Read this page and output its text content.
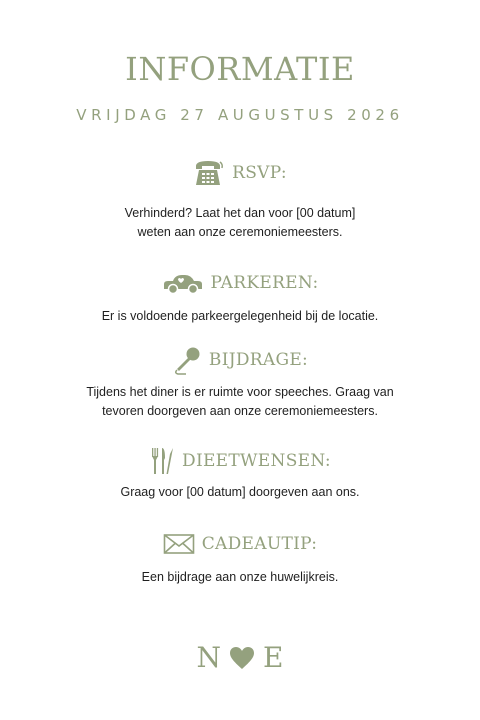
INFORMATIE
VRIJDAG 27 AUGUSTUS 2026
RSVP:
Verhinderd? Laat het dan voor [00 datum]
weten aan onze ceremoniemeesters.
PARKEREN:
Er is voldoende parkeergelegenheid bij de locatie.
BIJDRAGE:
Tijdens het diner is er ruimte voor speeches. Graag van
tevoren doorgeven aan onze ceremoniemeesters.
DIEETWENSEN:
Graag voor [00 datum] doorgeven aan ons.
CADEAUTIP:
Een bijdrage aan onze huwelijkreis.
N E
